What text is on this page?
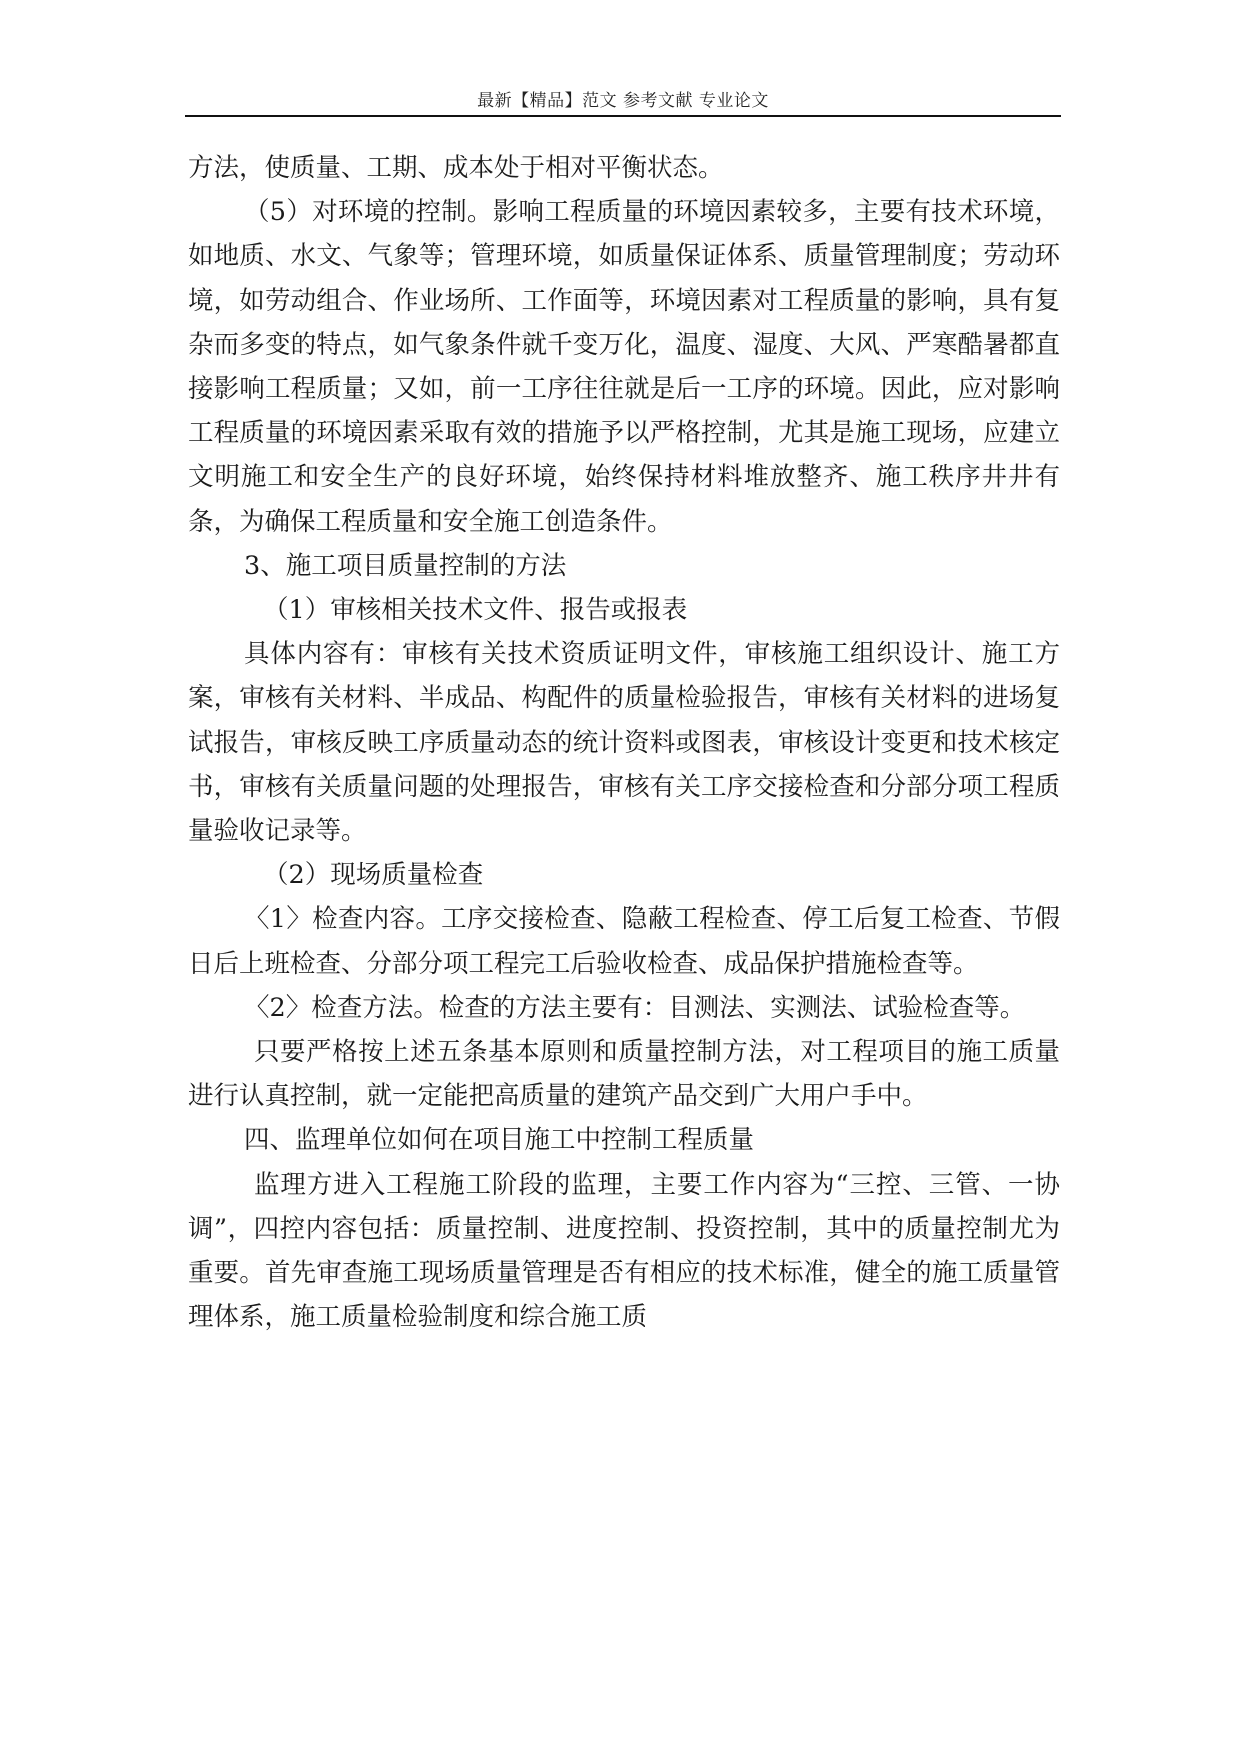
最新【精品】范文 参考文献 专业论文

方法，使质量、工期、成本处于相对平衡状态。

（5）对环境的控制。影响工程质量的环境因素较多，主要有技术环境，如地质、水文、气象等；管理环境，如质量保证体系、质量管理制度；劳动环境，如劳动组合、作业场所、工作面等，环境因素对工程质量的影响，具有复杂而多变的特点，如气象条件就千变万化，温度、湿度、大风、严寒酷暑都直接影响工程质量；又如，前一工序往往就是后一工序的环境。因此，应对影响工程质量的环境因素采取有效的措施予以严格控制，尤其是施工现场，应建立文明施工和安全生产的良好环境，始终保持材料堆放整齐、施工秩序井井有条，为确保工程质量和安全施工创造条件。

3、施工项目质量控制的方法

（1）审核相关技术文件、报告或报表

具体内容有：审核有关技术资质证明文件，审核施工组织设计、施工方案，审核有关材料、半成品、构配件的质量检验报告，审核有关材料的进场复试报告，审核反映工序质量动态的统计资料或图表，审核设计变更和技术核定书，审核有关质量问题的处理报告，审核有关工序交接检查和分部分项工程质量验收记录等。

（2）现场质量检查

〈1〉检查内容。工序交接检查、隐蔽工程检查、停工后复工检查、节假日后上班检查、分部分项工程完工后验收检查、成品保护措施检查等。

〈2〉检查方法。检查的方法主要有：目测法、实测法、试验检查等。

只要严格按上述五条基本原则和质量控制方法，对工程项目的施工质量进行认真控制，就一定能把高质量的建筑产品交到广大用户手中。

四、监理单位如何在项目施工中控制工程质量

监理方进入工程施工阶段的监理，主要工作内容为“三控、三管、一协调”，四控内容包括：质量控制、进度控制、投资控制，其中的质量控制尤为重要。首先审查施工现场质量管理是否有相应的技术标准，健全的施工质量管理体系，施工质量检验制度和综合施工质
